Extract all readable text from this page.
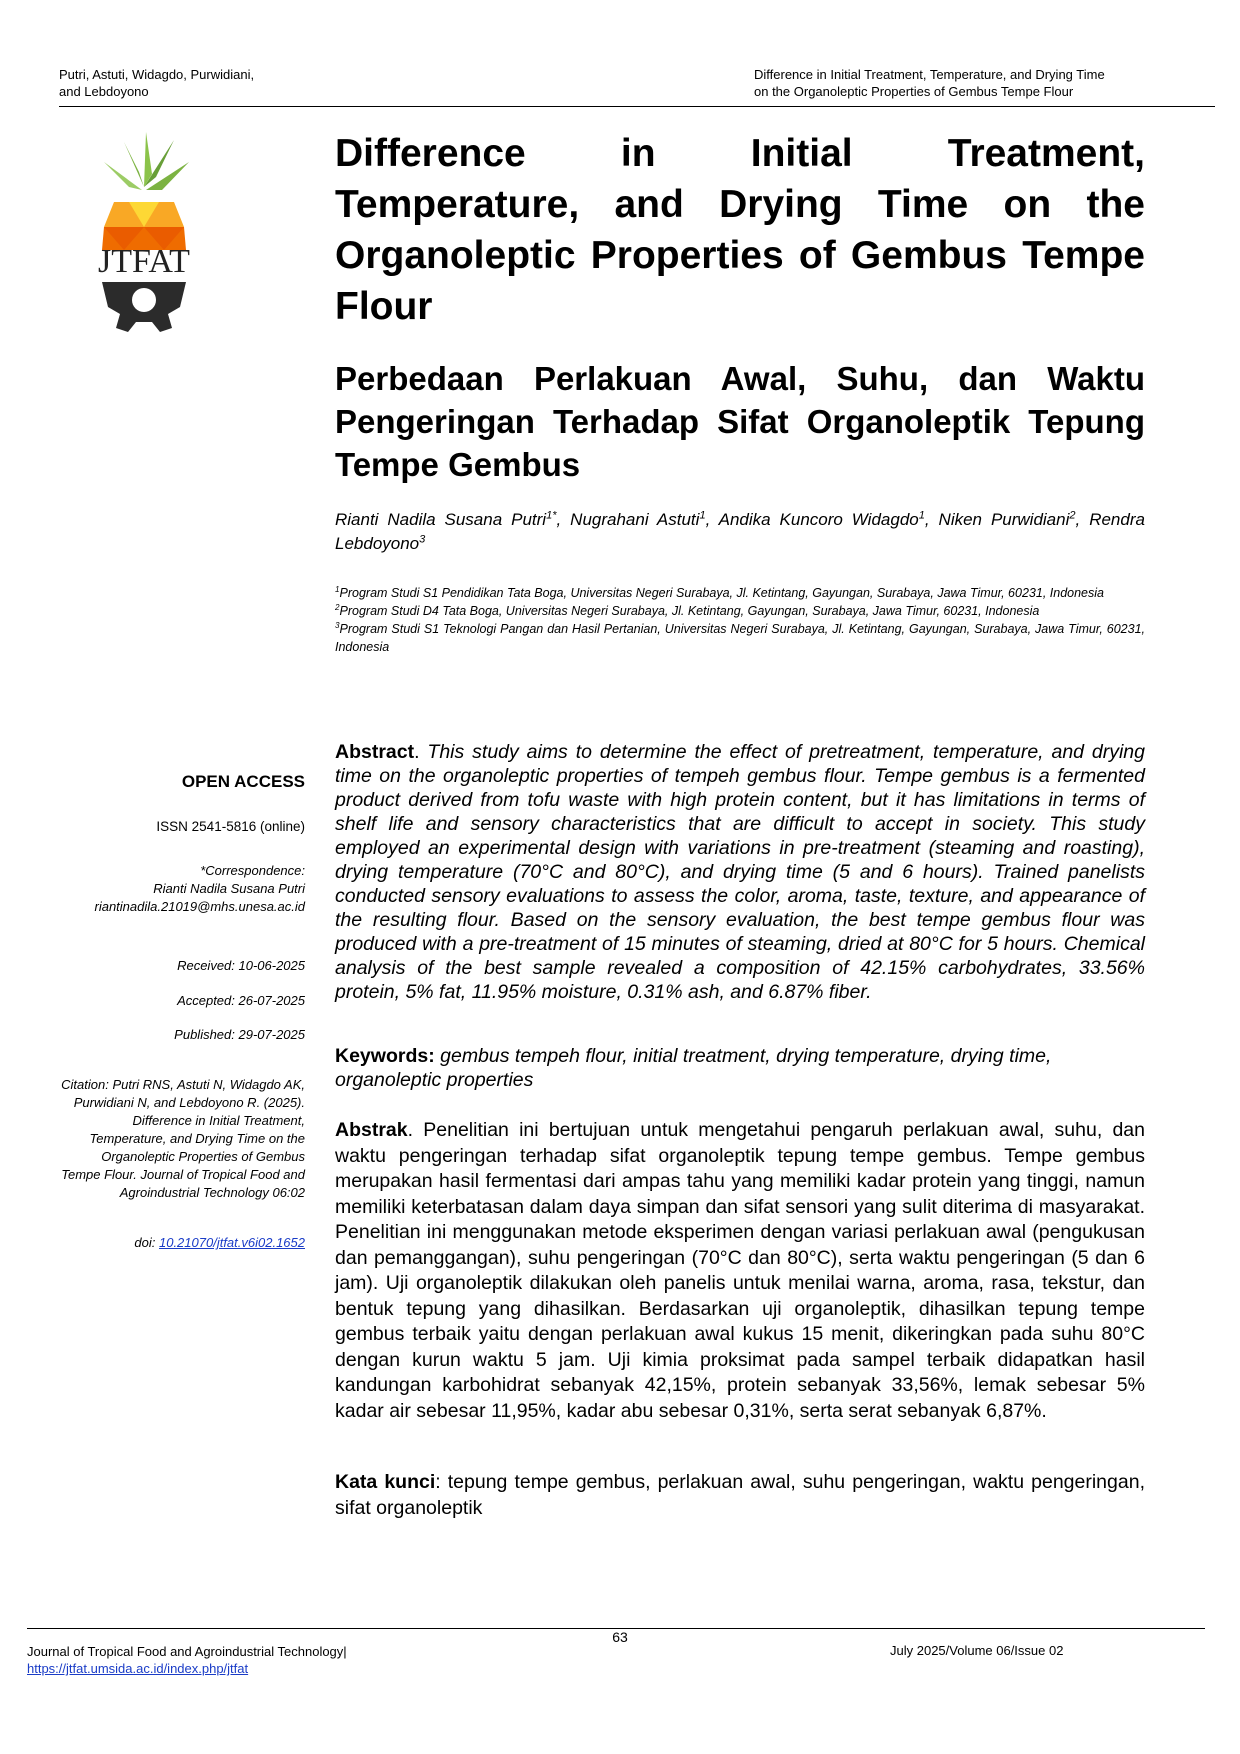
Putri, Astuti, Widagdo, Purwidiani,
and Lebdoyono
Difference in Initial Treatment, Temperature, and Drying Time
on the Organoleptic Properties of Gembus Tempe Flour
JTFAT
Difference in Initial Treatment, Temperature, and Drying Time on the Organoleptic Properties of Gembus Tempe Flour
Perbedaan Perlakuan Awal, Suhu, dan Waktu Pengeringan Terhadap Sifat Organoleptik Tepung Tempe Gembus
Rianti Nadila Susana Putri$^{1*}$, Nugrahani Astuti$^1$, Andika Kuncoro Widagdo$^1$, Niken Purwidiani$^2$, Rendra Lebdoyono$^3$

$^1$Program Studi S1 Pendidikan Tata Boga, Universitas Negeri Surabaya, Jl. Ketintang, Gayungan, Surabaya, Jawa Timur, 60231, Indonesia

$^2$Program Studi D4 Tata Boga, Universitas Negeri Surabaya, Jl. Ketintang, Gayungan, Surabaya, Jawa Timur, 60231, Indonesia

$^3$Program Studi S1 Teknologi Pangan dan Hasil Pertanian, Universitas Negeri Surabaya, Jl. Ketintang, Gayungan, Surabaya, Jawa Timur, 60231, Indonesia

OPEN ACCESS
ISSN 2541-5816 (online)
*Correspondence:
Rianti Nadila Susana Putri
riantinadila.21019@mhs.unesa.ac.id
Received: 10-06-2025
Accepted: 26-07-2025
Published: 29-07-2025
Citation: Putri RNS, Astuti N, Widagdo AK, Purwidiani N, and Lebdoyono R. (2025). Difference in Initial Treatment, Temperature, and Drying Time on the Organoleptic Properties of Gembus Tempe Flour. Journal of Tropical Food and Agroindustrial Technology 06:02
doi: 10.21070/jtfat.v6i02.1652
Abstract. This study aims to determine the effect of pretreatment, temperature, and drying time on the organoleptic properties of tempeh gembus flour. Tempe gembus is a fermented product derived from tofu waste with high protein content, but it has limitations in terms of shelf life and sensory characteristics that are difficult to accept in society. This study employed an experimental design with variations in pre-treatment (steaming and roasting), drying temperature (70°C and 80°C), and drying time (5 and 6 hours). Trained panelists conducted sensory evaluations to assess the color, aroma, taste, texture, and appearance of the resulting flour. Based on the sensory evaluation, the best tempe gembus flour was produced with a pre-treatment of 15 minutes of steaming, dried at 80°C for 5 hours. Chemical analysis of the best sample revealed a composition of 42.15% carbohydrates, 33.56% protein, 5% fat, 11.95% moisture, 0.31% ash, and 6.87% fiber.
Keywords: gembus tempeh flour, initial treatment, drying temperature, drying time, organoleptic properties
Abstrak. Penelitian ini bertujuan untuk mengetahui pengaruh perlakuan awal, suhu, dan waktu pengeringan terhadap sifat organoleptik tepung tempe gembus. Tempe gembus merupakan hasil fermentasi dari ampas tahu yang memiliki kadar protein yang tinggi, namun memiliki keterbatasan dalam daya simpan dan sifat sensori yang sulit diterima di masyarakat. Penelitian ini menggunakan metode eksperimen dengan variasi perlakuan awal (pengukusan dan pemanggangan), suhu pengeringan (70°C dan 80°C), serta waktu pengeringan (5 dan 6 jam). Uji organoleptik dilakukan oleh panelis untuk menilai warna, aroma, rasa, tekstur, dan bentuk tepung yang dihasilkan. Berdasarkan uji organoleptik, dihasilkan tepung tempe gembus terbaik yaitu dengan perlakuan awal kukus 15 menit, dikeringkan pada suhu 80°C dengan kurun waktu 5 jam. Uji kimia proksimat pada sampel terbaik didapatkan hasil kandungan karbohidrat sebanyak 42,15%, protein sebanyak 33,56%, lemak sebesar 5% kadar air sebesar 11,95%, kadar abu sebesar 0,31%, serta serat sebanyak 6,87%.
Kata kunci: tepung tempe gembus, perlakuan awal, suhu pengeringan, waktu pengeringan, sifat organoleptik
63
Journal of Tropical Food and Agroindustrial Technology|
https://jtfat.umsida.ac.id/index.php/jtfat
July 2025/Volume 06/Issue 02
